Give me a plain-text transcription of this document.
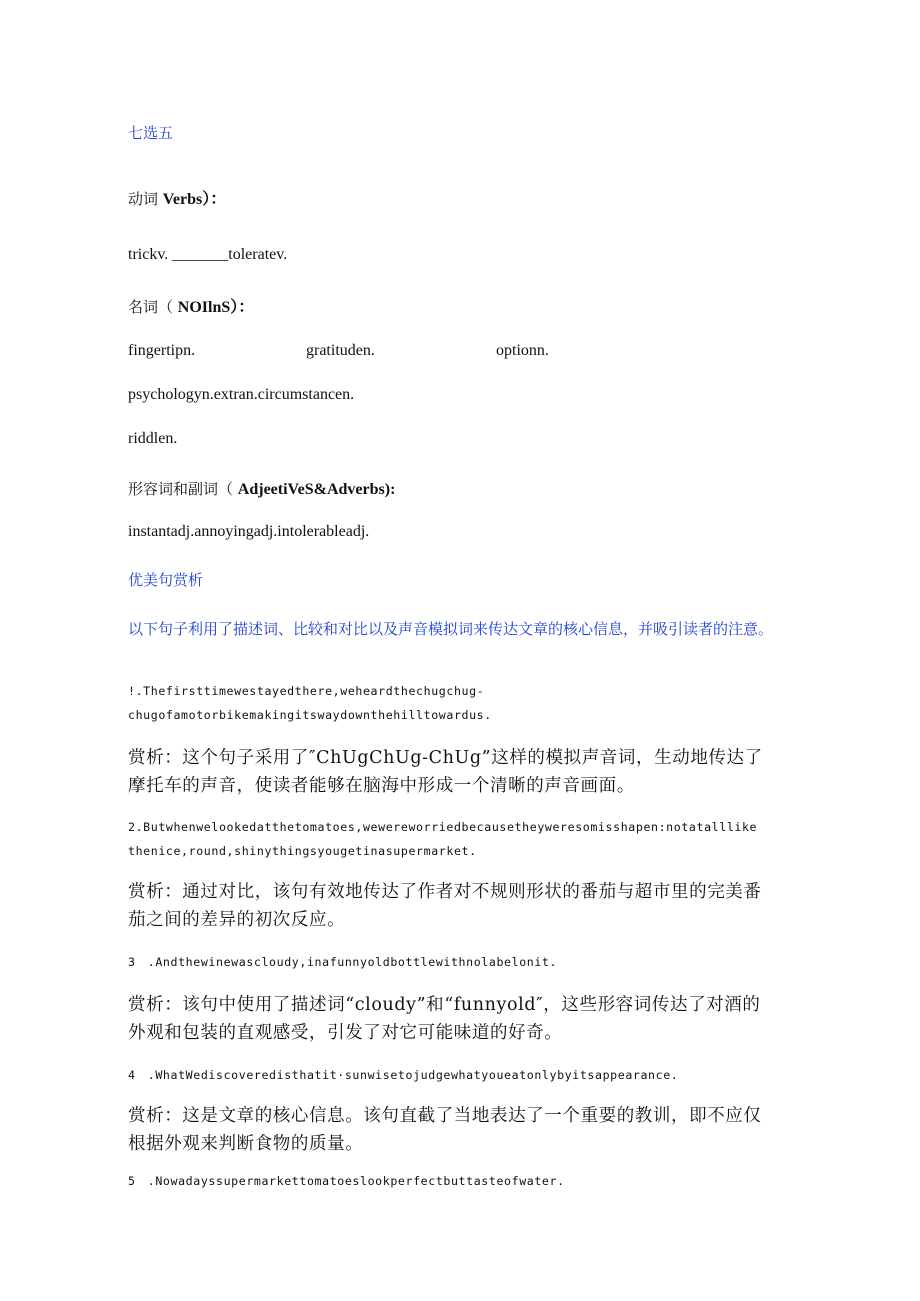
七选五
动词 Verbs）：
trickv. _______toleratev.
名词（ NOIlnS）：
fingertipn.	gratituden.	optionn.
psychologyn.extran.circumstancen.
riddlen.
形容词和副词（ AdjeetiVeS&Adverbs):
instantadj.annoyingadj.intolerableadj.
优美句赏析
以下句子利用了描述词、比较和对比以及声音模拟词来传达文章的核心信息，并吸引读者的注意。
!.Thefirsttimewestayedthere,weheardthechugchug-
chugofamotorbikemakingitswaydownthehilltowardus.
赏析：这个句子采用了″ChUgChUg-ChUg”这样的模拟声音词，生动地传达了摩托车的声音，使读者能够在脑海中形成一个清晰的声音画面。
2.Butwhenwelookedatthetomatoes,wewereworriedbecausetheyweresomisshapen:notatalllike
thenice,round,shinythingsyougetinasupermarket.
赏析：通过对比，该句有效地传达了作者对不规则形状的番茄与超市里的完美番茄之间的差异的初次反应。
3　.Andthewinewascloudy,inafunnyoldbottlewithnolabelonit.
赏析：该句中使用了描述词“cloudy”和“funnyold″，这些形容词传达了对酒的外观和包装的直观感受，引发了对它可能味道的好奇。
4　.WhatWediscoveredisthatit·sunwisetojudgewhatyoueatonlybyitsappearance.
赏析：这是文章的核心信息。该句直截了当地表达了一个重要的教训，即不应仅根据外观来判断食物的质量。
5　.Nowadayssupermarkettomatoeslookperfectbuttasteofwater.
